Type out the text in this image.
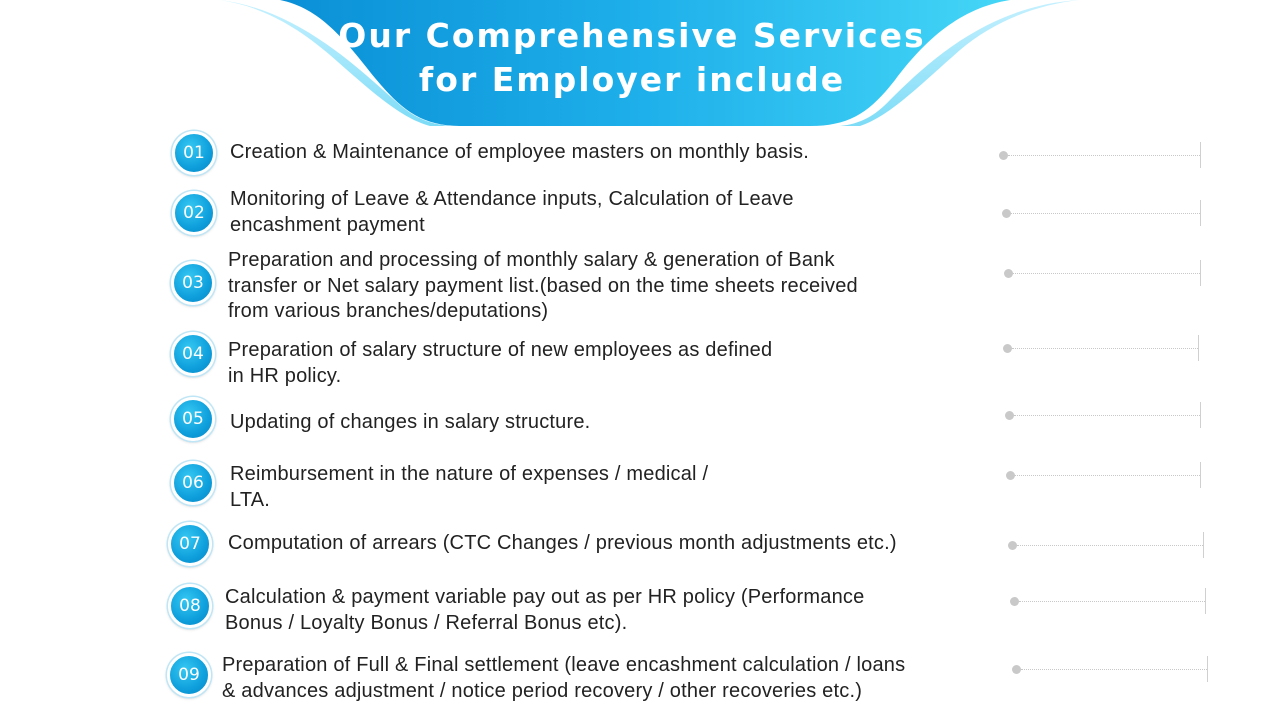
Our Comprehensive Services
for Employer include
01	Creation & Maintenance of employee masters on monthly basis.
02
Monitoring of Leave & Attendance inputs, Calculation of Leave
encashment payment
03
Preparation and processing of monthly salary & generation of Bank
transfer or Net salary payment list.(based on the time sheets received
from various branches/deputations)
04	Preparation of salary structure of new employees as defined
in HR policy.
05	Updating of changes in salary structure.
06	Reimbursement in the nature of expenses / medical /
LTA.
07	Computation of arrears (CTC Changes / previous month adjustments etc.)
08	Calculation & payment variable pay out as per HR policy (Performance
Bonus / Loyalty Bonus / Referral Bonus etc).
09	Preparation of Full & Final settlement (leave encashment calculation / loans
& advances adjustment / notice period recovery / other recoveries etc.)
